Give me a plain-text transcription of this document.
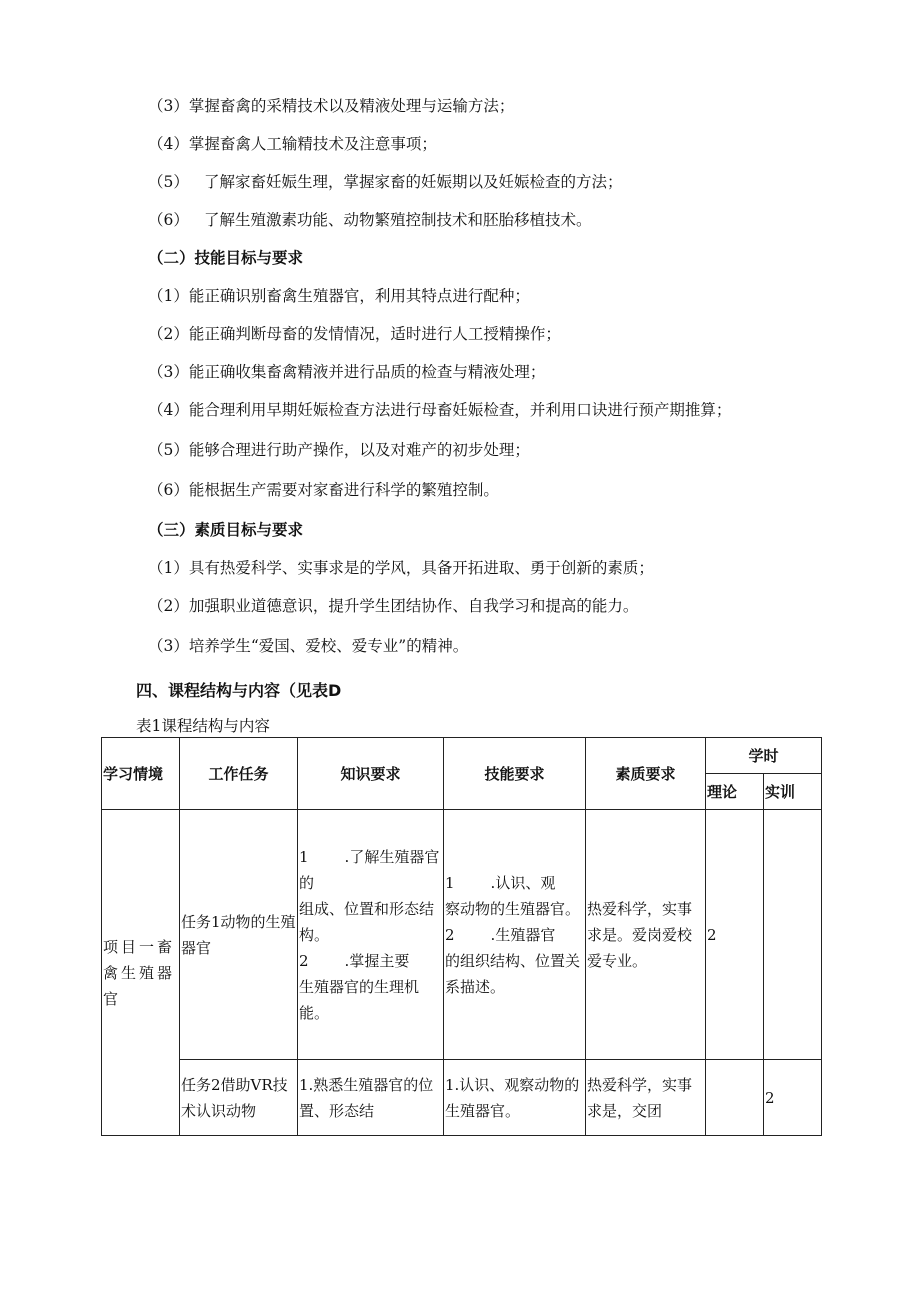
（3）掌握畜禽的采精技术以及精液处理与运输方法；
（4）掌握畜禽人工输精技术及注意事项；
（5） 了解家畜妊娠生理，掌握家畜的妊娠期以及妊娠检查的方法；
（6） 了解生殖激素功能、动物繁殖控制技术和胚胎移植技术。
（二）技能目标与要求
（1）能正确识别畜禽生殖器官，利用其特点进行配种；
（2）能正确判断母畜的发情情况，适时进行人工授精操作；
（3）能正确收集畜禽精液并进行品质的检查与精液处理；
（4）能合理利用早期妊娠检查方法进行母畜妊娠检查，并利用口诀进行预产期推算；
（5）能够合理进行助产操作，以及对难产的初步处理；
（6）能根据生产需要对家畜进行科学的繁殖控制。
（三）素质目标与要求
（1）具有热爱科学、实事求是的学风，具备开拓进取、勇于创新的素质；
（2）加强职业道德意识，提升学生团结协作、自我学习和提高的能力。
（3）培养学生“爱国、爱校、爱专业”的精神。
四、课程结构与内容（见表D
表1课程结构与内容
学习情境	工作任务	知识要求	技能要求	素质要求	学时	
					理论	实训
项目一畜禽生殖器官	任务1动物的生殖器官	1 .了解生殖器官的
组成、位置和形态结构。
2 .掌握主要
生殖器官的生理机能。	1 .认识、观
察动物的生殖器官。
2 .生殖器官
的组织结构、位置关系描述。	热爱科学，实事求是。爱岗爱校爱专业。	2	
	任务2借助VR技术认识动物	1.熟悉生殖器官的位置、形态结	1.认识、观察动物的生殖器官。	热爱科学，实事求是，交团		2
